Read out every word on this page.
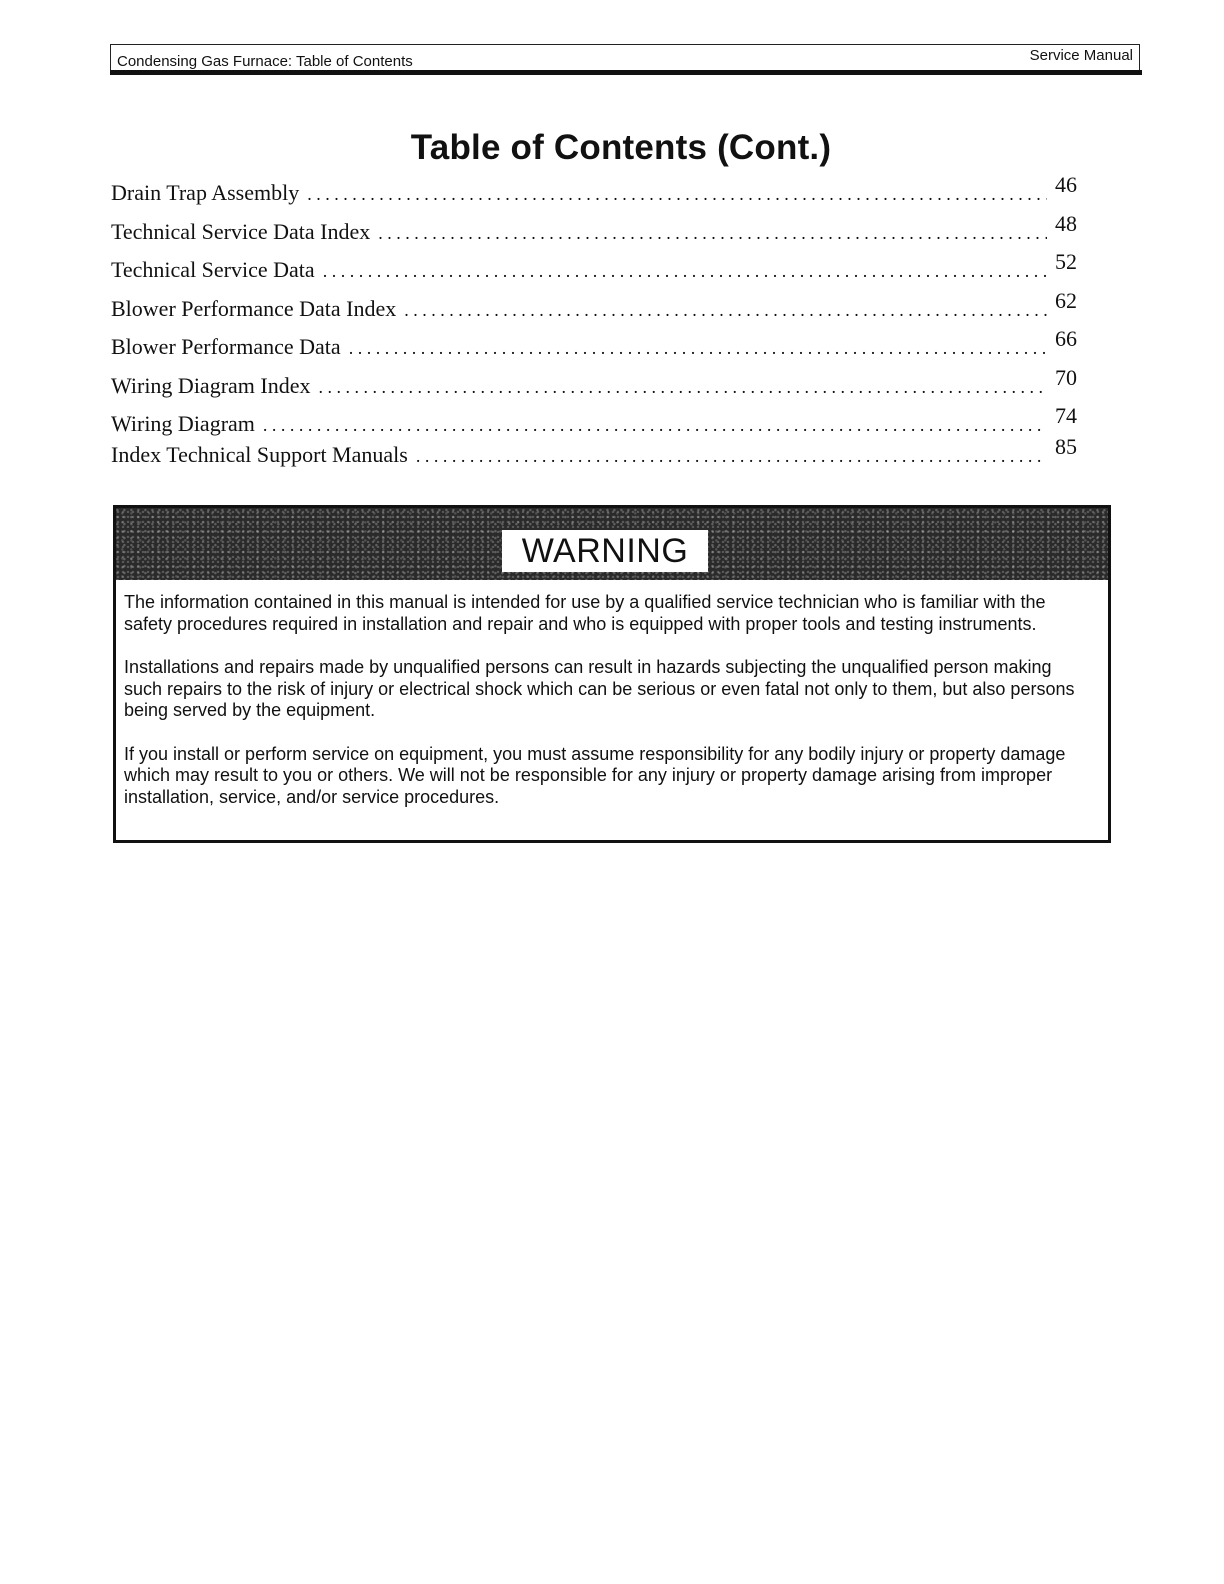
Condensing Gas Furnace: Table of Contents	Service Manual
Table of Contents (Cont.)
Drain Trap Assembly . . .	46
Technical Service Data Index . . .	48
Technical Service Data . . .	52
Blower Performance Data Index . . .	62
Blower Performance Data . . .	66
Wiring Diagram Index . . .	70
Wiring Diagram . . .	74
Index Technical Support Manuals . . .	85
WARNING

The information contained in this manual is intended for use by a qualified service technician who is familiar with the safety procedures required in installation and repair and who is equipped with proper tools and testing instruments.

Installations and repairs made by unqualified persons can result in hazards subjecting the unqualified person making such repairs to the risk of injury or electrical shock which can be serious or even fatal not only to them, but also persons being served by the equipment.

If you install or perform service on equipment, you must assume responsibility for any bodily injury or property damage which may result to you or others. We will not be responsible for any injury or property damage arising from improper installation, service, and/or service procedures.
